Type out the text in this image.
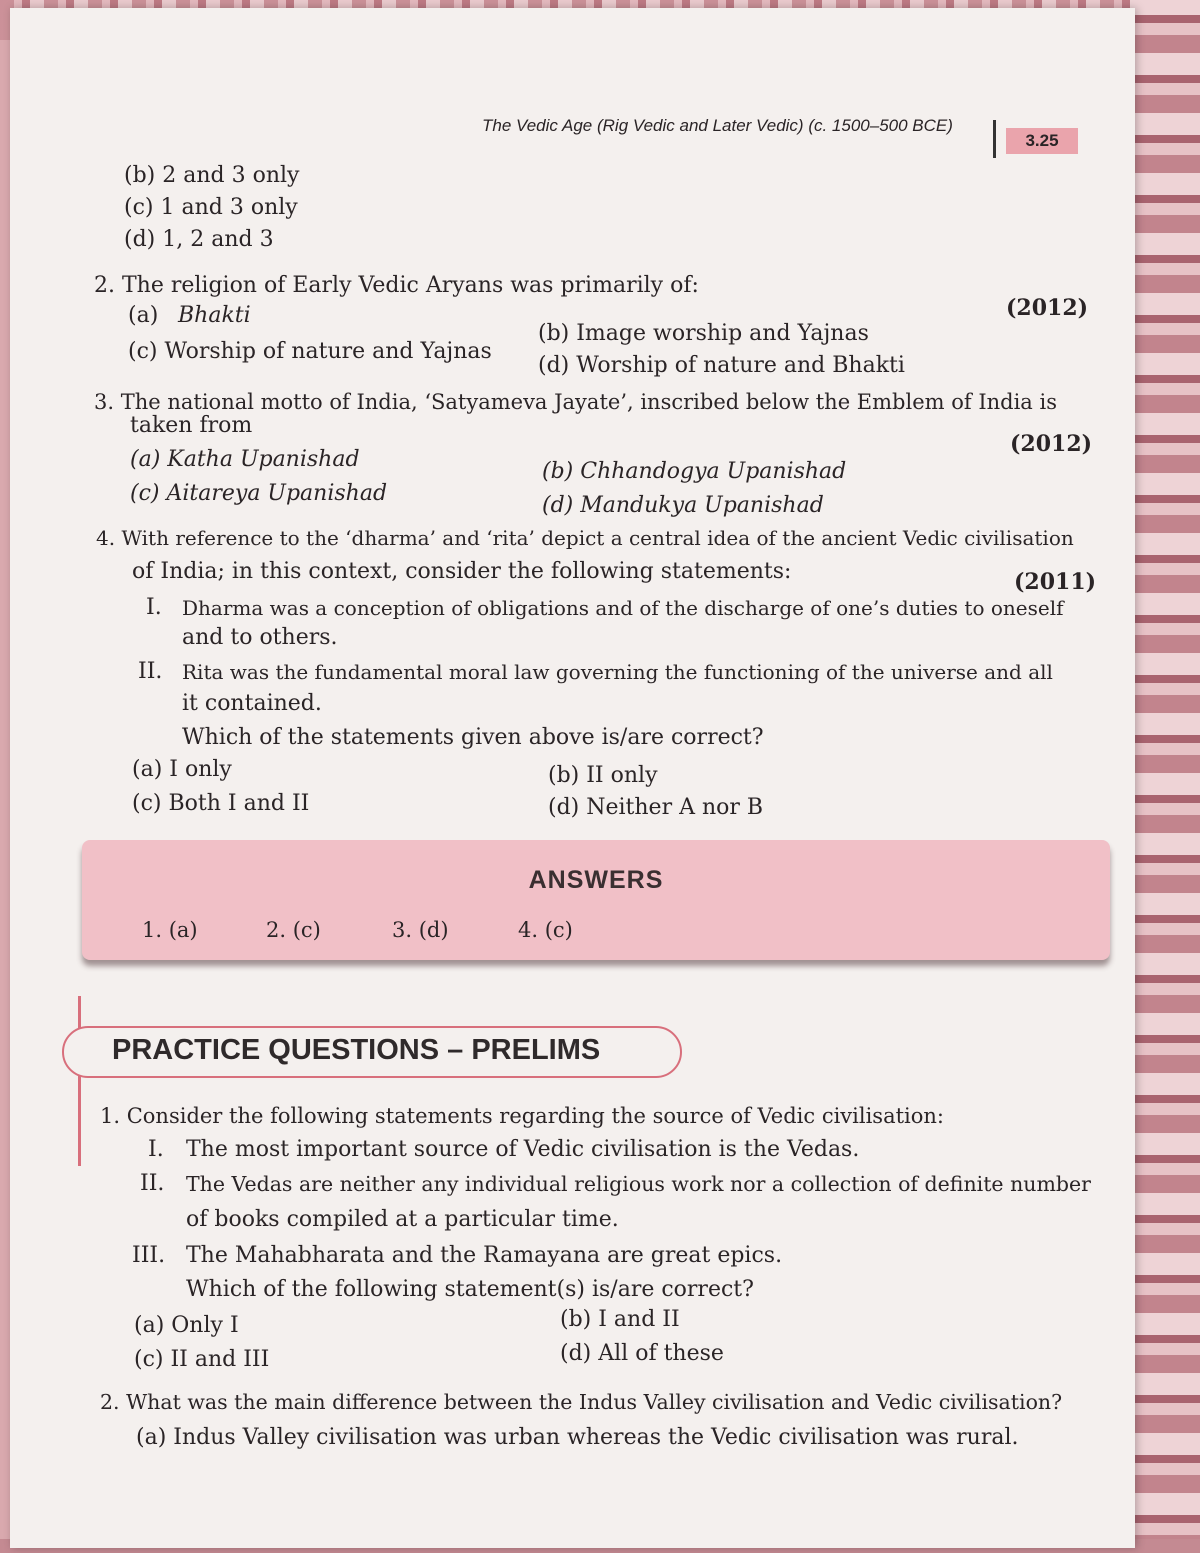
The Vedic Age (Rig Vedic and Later Vedic) (c. 1500–500 BCE)
3.25
(b) 2 and 3 only
(c) 1 and 3 only
(d) 1, 2 and 3
2. The religion of Early Vedic Aryans was primarily of:
(2012)
(a) Bhakti
(b) Image worship and Yajnas
(c) Worship of nature and Yajnas
(d) Worship of nature and Bhakti
3. The national motto of India, ‘Satyameva Jayate’, inscribed below the Emblem of India is
taken from
(2012)
(a) Katha Upanishad	(b) Chhandogya Upanishad
(c) Aitareya Upanishad	(d) Mandukya Upanishad
4. With reference to the ‘dharma’ and ‘rita’ depict a central idea of the ancient Vedic civilisation
of India; in this context, consider the following statements:	(2011)
I. Dharma was a conception of obligations and of the discharge of one’s duties to oneself
and to others.
II. Rita was the fundamental moral law governing the functioning of the universe and all
it contained.
Which of the statements given above is/are correct?
(a) I only	(b) II only
(c) Both I and II	(d) Neither A nor B
ANSWERS
1. (a)	2. (c)	3. (d)	4. (c)
PRACTICE QUESTIONS – PRELIMS
1. Consider the following statements regarding the source of Vedic civilisation:
I. The most important source of Vedic civilisation is the Vedas.
II. The Vedas are neither any individual religious work nor a collection of definite number
of books compiled at a particular time.
III. The Mahabharata and the Ramayana are great epics.
Which of the following statement(s) is/are correct?
(a) Only I	(b) I and II
(c) II and III	(d) All of these
2. What was the main difference between the Indus Valley civilisation and Vedic civilisation?
(a) Indus Valley civilisation was urban whereas the Vedic civilisation was rural.
